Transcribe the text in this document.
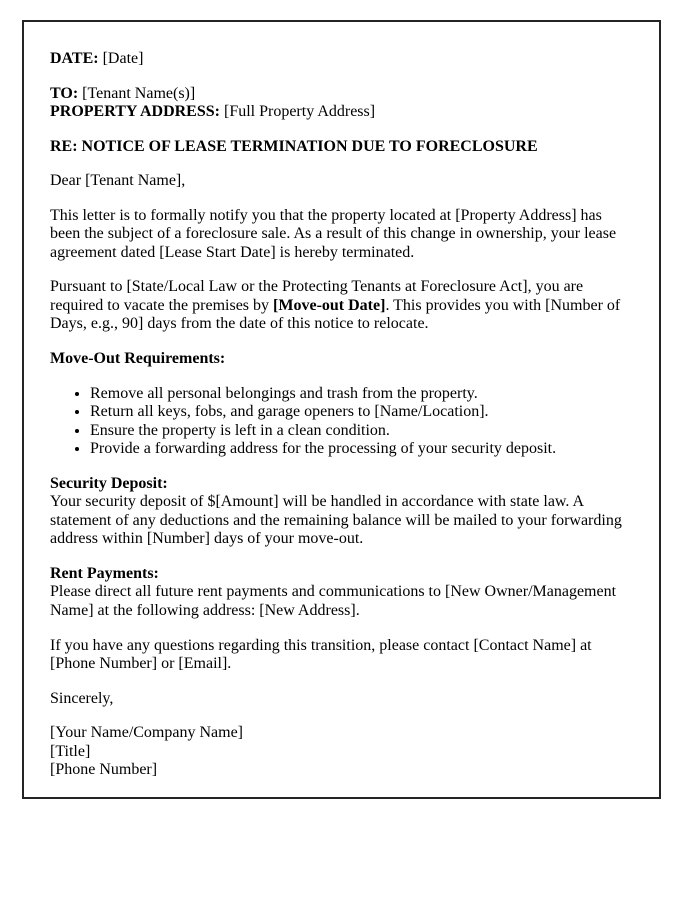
DATE: [Date]

TO: [Tenant Name(s)]
PROPERTY ADDRESS: [Full Property Address]

RE: NOTICE OF LEASE TERMINATION DUE TO FORECLOSURE

Dear [Tenant Name],

This letter is to formally notify you that the property located at [Property Address] has been the subject of a foreclosure sale. As a result of this change in ownership, your lease agreement dated [Lease Start Date] is hereby terminated.

Pursuant to [State/Local Law or the Protecting Tenants at Foreclosure Act], you are required to vacate the premises by [Move-out Date]. This provides you with [Number of Days, e.g., 90] days from the date of this notice to relocate.

Move-Out Requirements:

• Remove all personal belongings and trash from the property.
• Return all keys, fobs, and garage openers to [Name/Location].
• Ensure the property is left in a clean condition.
• Provide a forwarding address for the processing of your security deposit.

Security Deposit:
Your security deposit of $[Amount] will be handled in accordance with state law. A statement of any deductions and the remaining balance will be mailed to your forwarding address within [Number] days of your move-out.

Rent Payments:
Please direct all future rent payments and communications to [New Owner/Management Name] at the following address: [New Address].

If you have any questions regarding this transition, please contact [Contact Name] at [Phone Number] or [Email].

Sincerely,

[Your Name/Company Name]
[Title]
[Phone Number]
